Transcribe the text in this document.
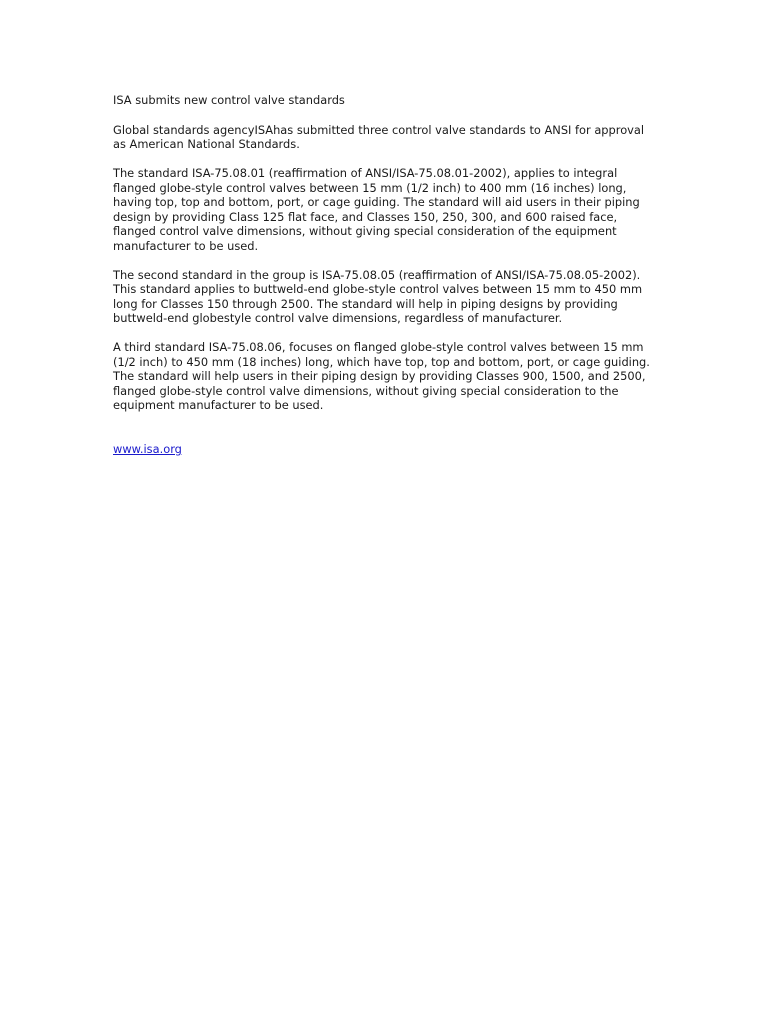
ISA submits new control valve standards

Global standards agencyISAhas submitted three control valve standards to ANSI for approval
as American National Standards.

The standard ISA-75.08.01 (reaffirmation of ANSI/ISA-75.08.01-2002), applies to integral
flanged globe-style control valves between 15 mm (1/2 inch) to 400 mm (16 inches) long,
having top, top and bottom, port, or cage guiding. The standard will aid users in their piping
design by providing Class 125 flat face, and Classes 150, 250, 300, and 600 raised face,
flanged control valve dimensions, without giving special consideration of the equipment
manufacturer to be used.

The second standard in the group is ISA-75.08.05 (reaffirmation of ANSI/ISA-75.08.05-2002).
This standard applies to buttweld-end globe-style control valves between 15 mm to 450 mm
long for Classes 150 through 2500. The standard will help in piping designs by providing
buttweld-end globestyle control valve dimensions, regardless of manufacturer.

A third standard ISA-75.08.06, focuses on flanged globe-style control valves between 15 mm
(1/2 inch) to 450 mm (18 inches) long, which have top, top and bottom, port, or cage guiding.
The standard will help users in their piping design by providing Classes 900, 1500, and 2500,
flanged globe-style control valve dimensions, without giving special consideration to the
equipment manufacturer to be used.

www.isa.org
